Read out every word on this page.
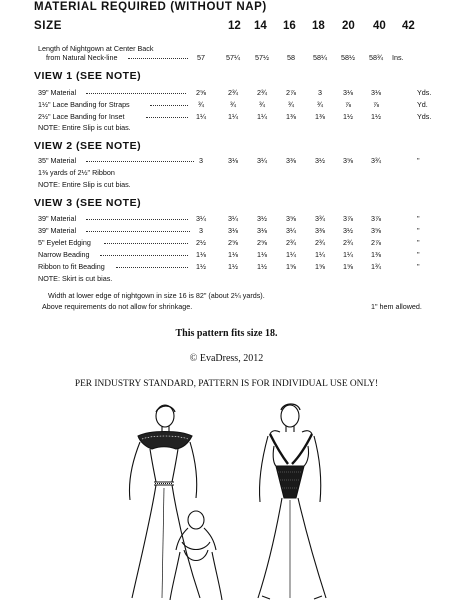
MATERIAL REQUIRED (WITHOUT NAP)
SIZE	12 14 16 18 20 40 42
Length of Nightgown at Center Back
from Natural Neck-line	57	57¼	57½	58	58¼	58½	58¾	Ins.
VIEW 1 (SEE NOTE)
39" Material	2⅝	2¾	2¾	2⅞	3	3⅛	3⅛	Yds.
1½" Lace Banding for Straps	¾	¾	¾	¾	¾	⅞	⅞	Yd.
2½" Lace Banding for Inset	1¼	1¼	1¼	1⅜	1⅜	1½	1½	Yds.
NOTE: Entire Slip is cut bias.
VIEW 2 (SEE NOTE)
35" Material	3	3⅛	3¼	3⅜	3½	3⅝	3¾	"
1⅜ yards of 2½" Ribbon
NOTE: Entire Slip is cut bias.
VIEW 3 (SEE NOTE)
39" Material	3¼	3¼	3½	3⅝	3¾	3⅞	3⅞	"
39" Material	3	3⅛	3⅛	3¼	3⅜	3½	3⅝	"
5" Eyelet Edging	2½	2⅝	2⅝	2¾	2¾	2¾	2⅞	"
Narrow Beading	1⅛	1⅛	1⅛	1¼	1¼	1¼	1⅜	"
Ribbon to fit Beading	1½	1½	1½	1⅝	1⅝	1⅝	1¾	"
NOTE: Skirt is cut bias.
Width at lower edge of nightgown in size 16 is 82" (about 2¼ yards).
Above requirements do not allow for shrinkage.	1" hem allowed.
This pattern fits size 18.
© EvaDress, 2012
PER INDUSTRY STANDARD, PATTERN IS FOR INDIVIDUAL USE ONLY!
